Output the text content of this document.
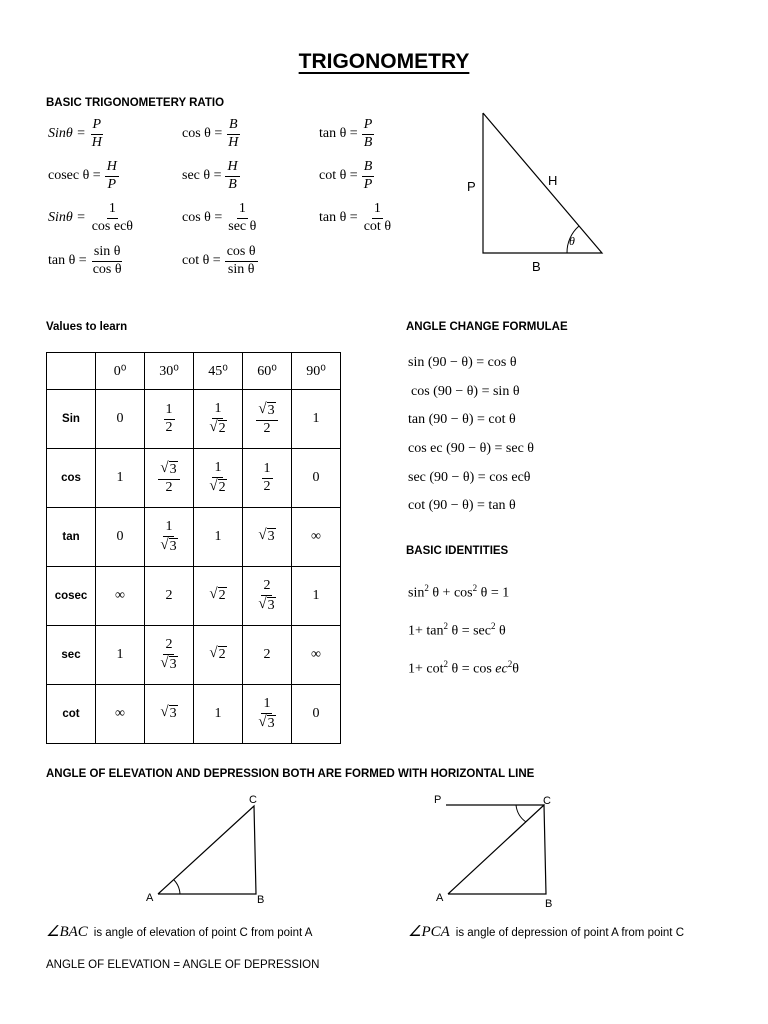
TRIGONOMETRY
BASIC TRIGONOMETERY RATIO
$Sin\theta = \frac{P}{H}$	$\cos \theta = \frac{B}{H}$	$\tan \theta = \frac{P}{B}$
cosec $\theta = \frac{H}{P}$	$\sec \theta = \frac{H}{B}$	$\cot \theta = \frac{B}{P}$
$Sin\theta = \frac{1}{\text{cos ecθ}}$	$\cos \theta = \frac{1}{\text{sec θ}}$	$\tan \theta = \frac{1}{\text{cot θ}}$
$\tan \theta = \frac{\text{sin θ}}{\text{cos θ}}$	$\cot \theta = \frac{\text{cos θ}}{\text{sin θ}}$
P	H
B
θ
Values to learn
	0⁰	30⁰	45⁰	60⁰	90⁰
Sin	0	$\frac{1}{2}$	$\frac{1}{√ 2}$	$\frac{√ 3}{2}$	1
cos	1	$\frac{√ 3}{2}$	$\frac{1}{√ 2}$	$\frac{1}{2}$	0
tan	0	$\frac{1}{√ 3}$	1	√ 3	∞
cosec	∞	2	√ 2	$\frac{2}{√ 3}$	1
sec	1	$\frac{2}{√ 3}$	√ 2	2	∞
cot	∞	√ 3	1	$\frac{1}{√ 3}$	0
ANGLE CHANGE FORMULAE
sin (90 − θ) = cos θ
cos (90 − θ) = sin θ
tan (90 − θ) = cot θ
cos ec (90 − θ) = sec θ
sec (90 − θ) = cos ecθ
cot (90 − θ) = tan θ
BASIC IDENTITIES
$\sin^2 \theta + \cos^2 \theta = 1$
$1+ \tan^2 \theta = \sec^2 \theta$
$1+ \cot^2 \theta = \cos ec^2\theta$
ANGLE OF ELEVATION AND DEPRESSION BOTH ARE FORMED WITH HORIZONTAL LINE
A	B
C	P	C
A	B
∠BAC is angle of elevation of point C from point A	∠PCA is angle of depression of point A from point C
ANGLE OF ELEVATION = ANGLE OF DEPRESSION
